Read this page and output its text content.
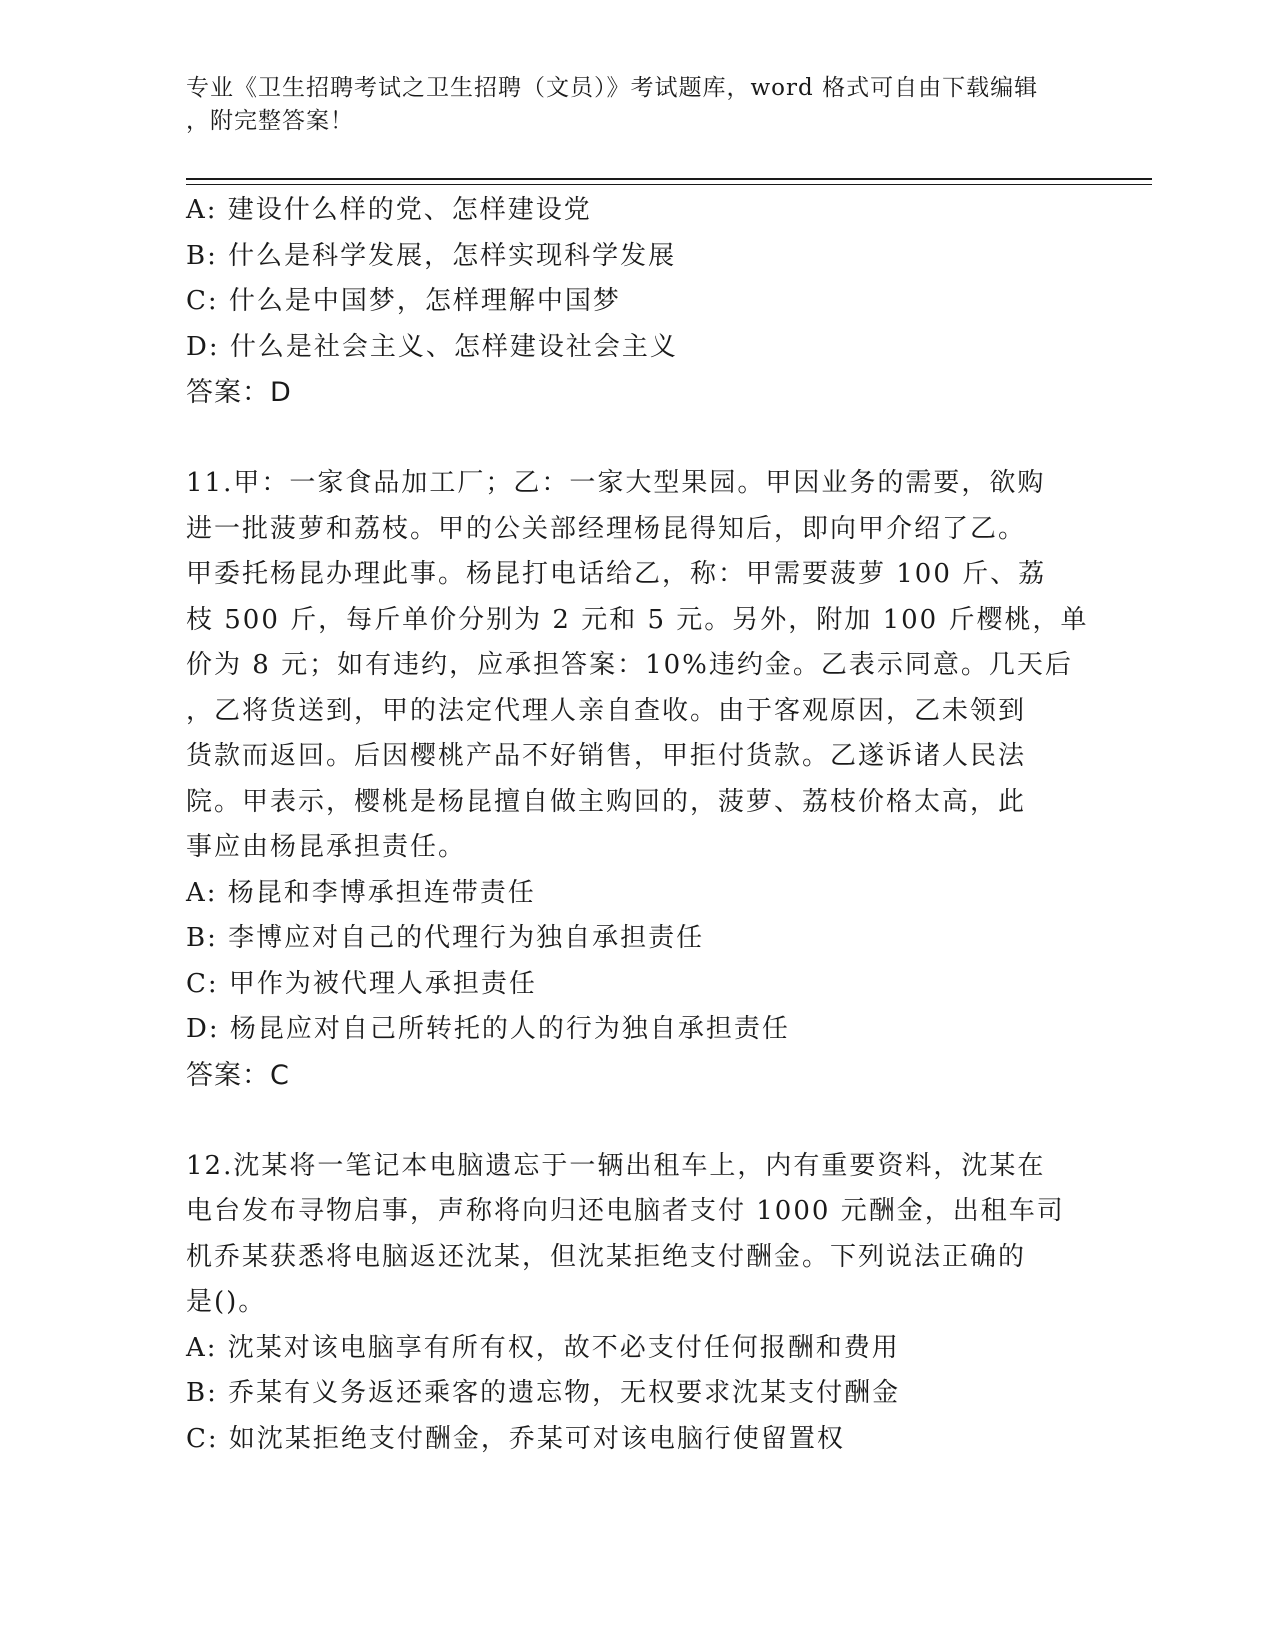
专业《卫生招聘考试之卫生招聘（文员）》考试题库，word 格式可自由下载编辑
，附完整答案！
A: 建设什么样的党、怎样建设党
B: 什么是科学发展，怎样实现科学发展
C: 什么是中国梦，怎样理解中国梦
D: 什么是社会主义、怎样建设社会主义
答案：D
11.甲：一家食品加工厂；乙：一家大型果园。甲因业务的需要，欲购
进一批菠萝和荔枝。甲的公关部经理杨昆得知后，即向甲介绍了乙。
甲委托杨昆办理此事。杨昆打电话给乙，称：甲需要菠萝 100 斤、荔
枝 500 斤，每斤单价分别为 2 元和 5 元。另外，附加 100 斤樱桃，单
价为 8 元；如有违约，应承担答案：10%违约金。乙表示同意。几天后
，乙将货送到，甲的法定代理人亲自查收。由于客观原因，乙未领到
货款而返回。后因樱桃产品不好销售，甲拒付货款。乙遂诉诸人民法
院。甲表示，樱桃是杨昆擅自做主购回的，菠萝、荔枝价格太高，此
事应由杨昆承担责任。
A: 杨昆和李博承担连带责任
B: 李博应对自己的代理行为独自承担责任
C: 甲作为被代理人承担责任
D: 杨昆应对自己所转托的人的行为独自承担责任
答案：C
12.沈某将一笔记本电脑遗忘于一辆出租车上，内有重要资料，沈某在
电台发布寻物启事，声称将向归还电脑者支付 1000 元酬金，出租车司
机乔某获悉将电脑返还沈某，但沈某拒绝支付酬金。下列说法正确的
是()。
A: 沈某对该电脑享有所有权，故不必支付任何报酬和费用
B: 乔某有义务返还乘客的遗忘物，无权要求沈某支付酬金
C: 如沈某拒绝支付酬金，乔某可对该电脑行使留置权
